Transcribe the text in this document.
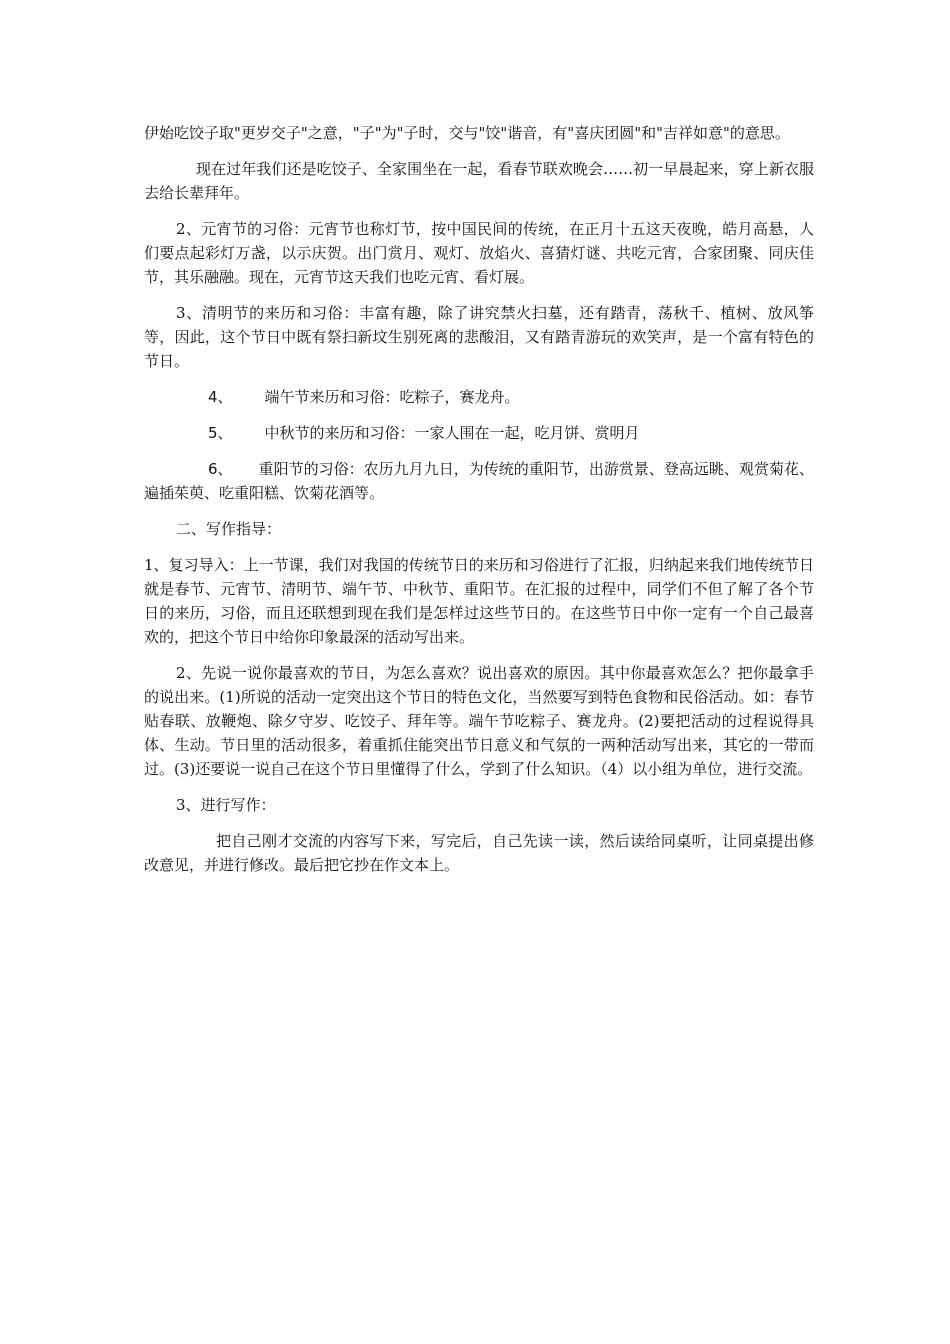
伊始吃饺子取"更岁交子"之意，"子"为"子时，交与"饺"谐音，有"喜庆团圆"和"吉祥如意"的意思。

现在过年我们还是吃饺子、全家围坐在一起，看春节联欢晚会……初一早晨起来，穿上新衣服去给长辈拜年。

2、元宵节的习俗：元宵节也称灯节，按中国民间的传统，在正月十五这天夜晚，皓月高悬，人们要点起彩灯万盏，以示庆贺。出门赏月、观灯、放焰火、喜猜灯谜、共吃元宵，合家团聚、同庆佳节，其乐融融。现在，元宵节这天我们也吃元宵、看灯展。

3、清明节的来历和习俗：丰富有趣，除了讲究禁火扫墓，还有踏青，荡秋千、植树、放风筝等，因此，这个节日中既有祭扫新坟生别死离的悲酸泪，又有踏青游玩的欢笑声，是一个富有特色的节日。

4、 端午节来历和习俗：吃粽子，赛龙舟。

5、 中秋节的来历和习俗：一家人围在一起，吃月饼、赏明月

6、 重阳节的习俗：农历九月九日，为传统的重阳节，出游赏景、登高远眺、观赏菊花、遍插茱萸、吃重阳糕、饮菊花酒等。

二、写作指导：

1、复习导入：上一节课，我们对我国的传统节日的来历和习俗进行了汇报，归纳起来我们地传统节日就是春节、元宵节、清明节、端午节、中秋节、重阳节。在汇报的过程中，同学们不但了解了各个节日的来历，习俗，而且还联想到现在我们是怎样过这些节日的。在这些节日中你一定有一个自己最喜欢的，把这个节日中给你印象最深的活动写出来。

2、先说一说你最喜欢的节日，为怎么喜欢？说出喜欢的原因。其中你最喜欢怎么？把你最拿手的说出来。(1)所说的活动一定突出这个节日的特色文化，当然要写到特色食物和民俗活动。如：春节贴春联、放鞭炮、除夕守岁、吃饺子、拜年等。端午节吃粽子、赛龙舟。(2)要把活动的过程说得具体、生动。节日里的活动很多，着重抓住能突出节日意义和气氛的一两种活动写出来，其它的一带而过。(3)还要说一说自己在这个节日里懂得了什么，学到了什么知识。（4）以小组为单位，进行交流。

3、进行写作：

把自己刚才交流的内容写下来，写完后，自己先读一读，然后读给同桌听，让同桌提出修改意见，并进行修改。最后把它抄在作文本上。
